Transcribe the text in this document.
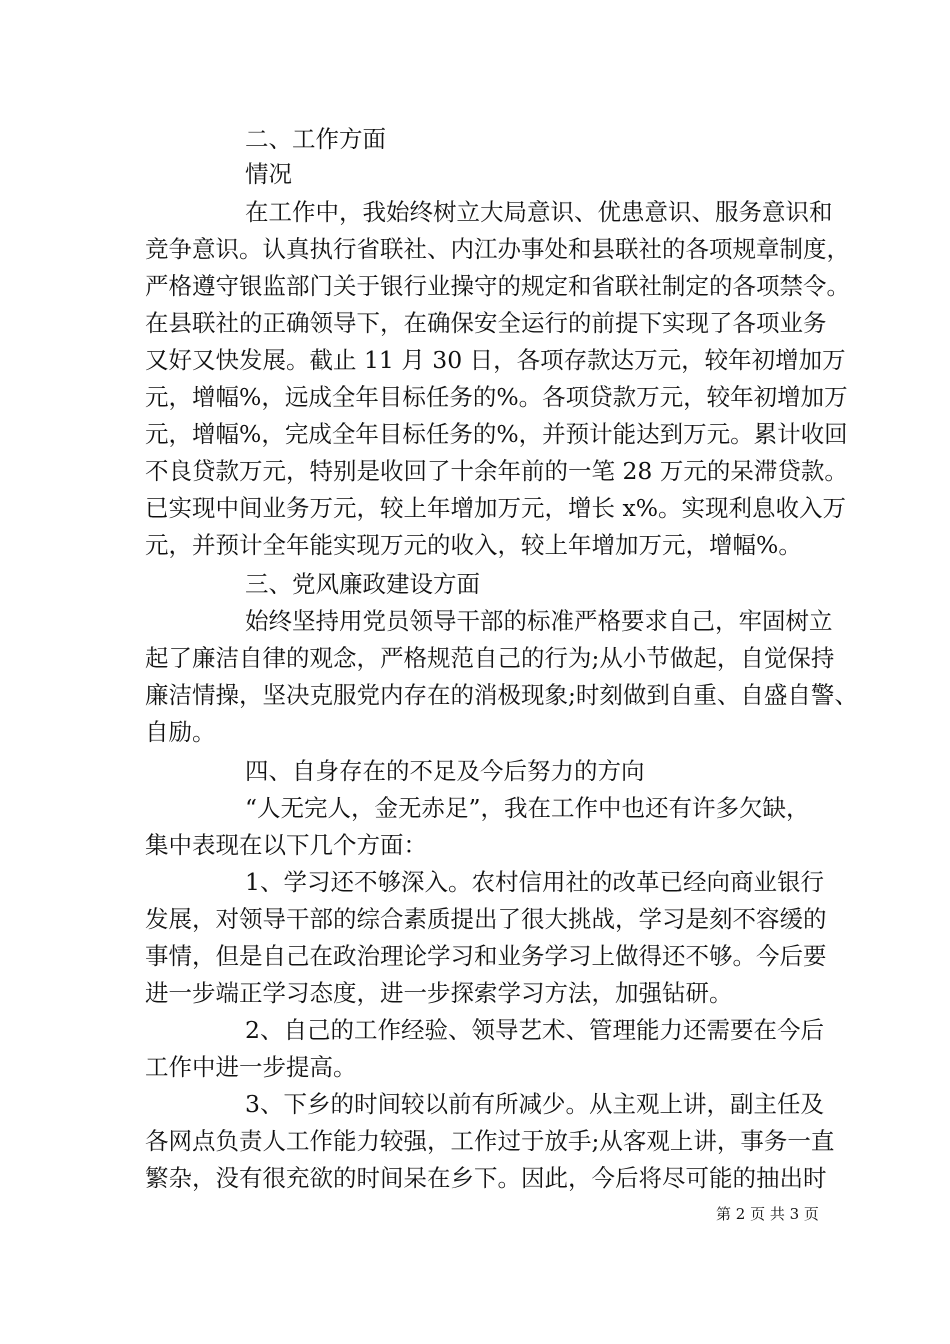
二、工作方面
情况
在工作中，我始终树立大局意识、优患意识、服务意识和
竞争意识。认真执行省联社、内江办事处和县联社的各项规章制度，
严格遵守银监部门关于银行业操守的规定和省联社制定的各项禁令。
在县联社的正确领导下，在确保安全运行的前提下实现了各项业务
又好又快发展。截止 11 月 30 日，各项存款达万元，较年初增加万
元，增幅%，远成全年目标任务的%。各项贷款万元，较年初增加万
元，增幅%，完成全年目标任务的%，并预计能达到万元。累计收回
不良贷款万元，特别是收回了十余年前的一笔 28 万元的呆滞贷款。
已实现中间业务万元，较上年增加万元，增长 x%。实现利息收入万
元，并预计全年能实现万元的收入，较上年增加万元，增幅%。
三、党风廉政建设方面
始终坚持用党员领导干部的标准严格要求自己，牢固树立
起了廉洁自律的观念，严格规范自己的行为;从小节做起，自觉保持
廉洁情操，坚决克服党内存在的消极现象;时刻做到自重、自盛自警、
自励。
四、自身存在的不足及今后努力的方向
“人无完人，金无赤足”，我在工作中也还有许多欠缺，
集中表现在以下几个方面：
1、学习还不够深入。农村信用社的改革已经向商业银行
发展，对领导干部的综合素质提出了很大挑战，学习是刻不容缓的
事情，但是自己在政治理论学习和业务学习上做得还不够。今后要
进一步端正学习态度，进一步探索学习方法，加强钻研。
2、自己的工作经验、领导艺术、管理能力还需要在今后
工作中进一步提高。
3、下乡的时间较以前有所减少。从主观上讲，副主任及
各网点负责人工作能力较强，工作过于放手;从客观上讲，事务一直
繁杂，没有很充欲的时间呆在乡下。因此，今后将尽可能的抽出时
第 2 页 共 3 页
